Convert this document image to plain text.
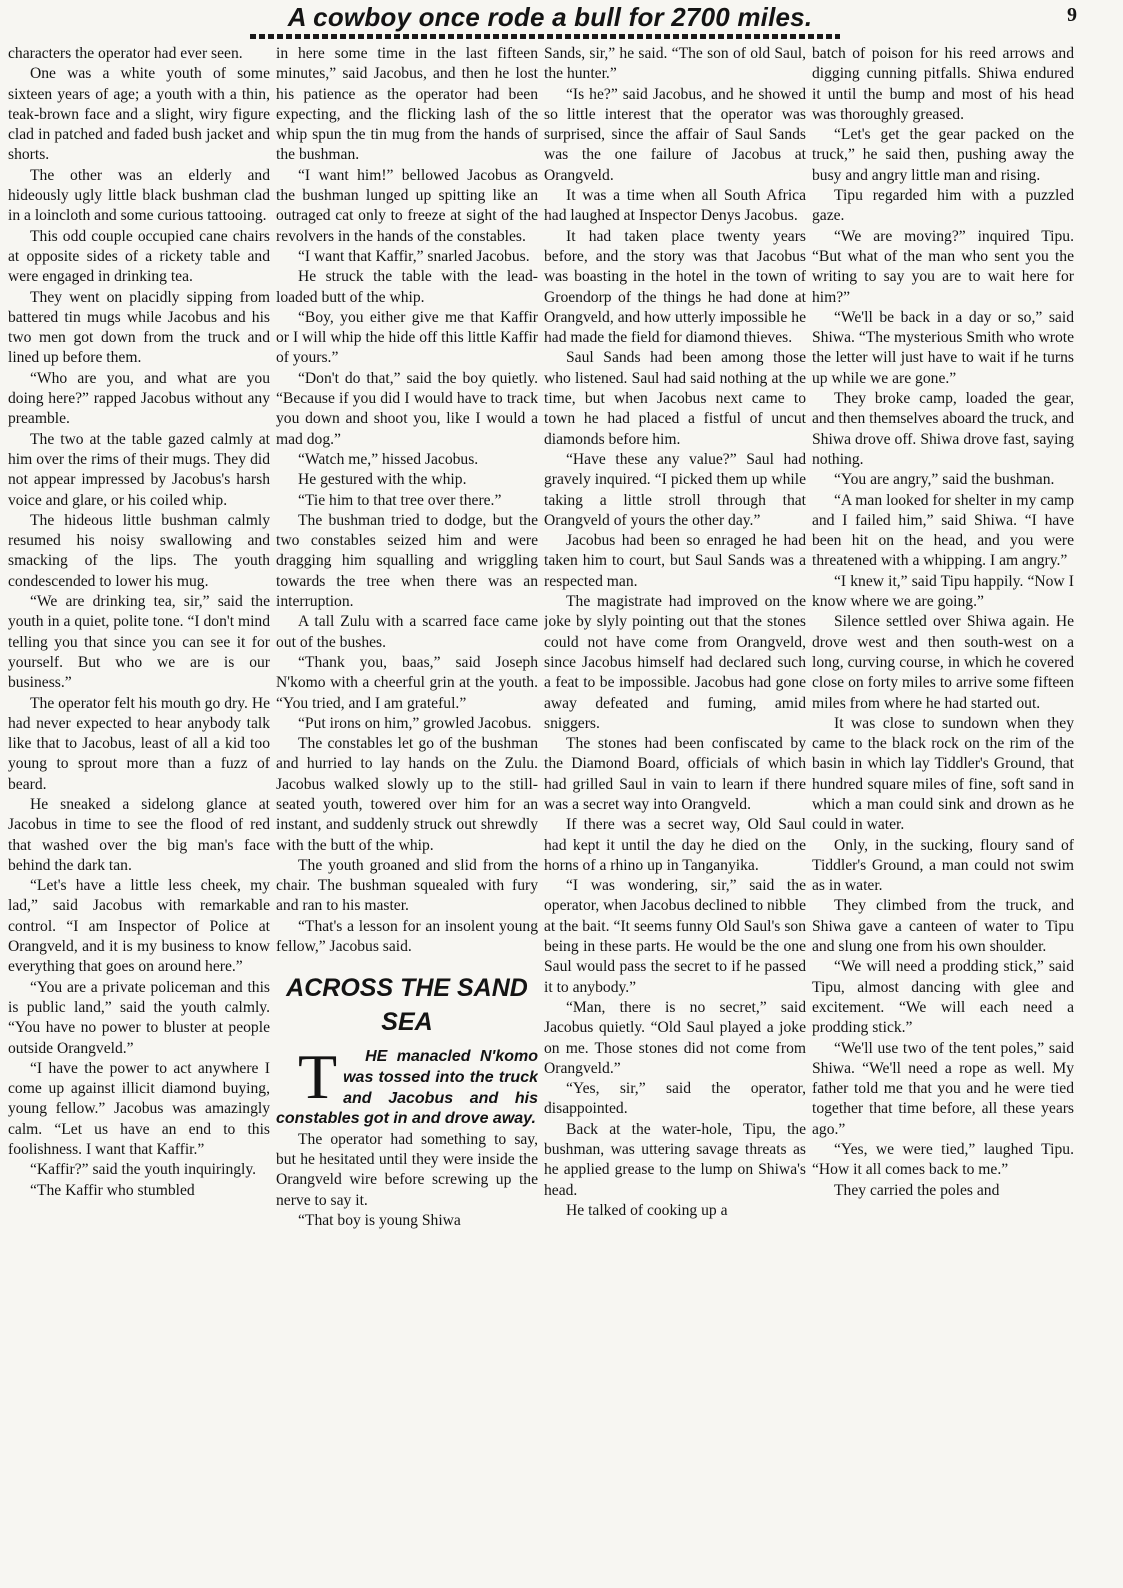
A cowboy once rode a bull for 2700 miles.	9

characters the operator had ever seen.

One was a white youth of some sixteen years of age; a youth with a thin, teak-brown face and a slight, wiry figure clad in patched and faded bush jacket and shorts.

The other was an elderly and hideously ugly little black bushman clad in a loincloth and some curious tattooing.

This odd couple occupied cane chairs at opposite sides of a rickety table and were engaged in drinking tea.

They went on placidly sipping from battered tin mugs while Jacobus and his two men got down from the truck and lined up before them.

“Who are you, and what are you doing here?” rapped Jacobus without any preamble.

The two at the table gazed calmly at him over the rims of their mugs. They did not appear impressed by Jacobus's harsh voice and glare, or his coiled whip.

The hideous little bushman calmly resumed his noisy swallowing and smacking of the lips. The youth condescended to lower his mug.

“We are drinking tea, sir,” said the youth in a quiet, polite tone. “I don't mind telling you that since you can see it for yourself. But who we are is our business.”

The operator felt his mouth go dry. He had never expected to hear anybody talk like that to Jacobus, least of all a kid too young to sprout more than a fuzz of beard.

He sneaked a sidelong glance at Jacobus in time to see the flood of red that washed over the big man's face behind the dark tan.

“Let's have a little less cheek, my lad,” said Jacobus with remarkable control. “I am Inspector of Police at Orangveld, and it is my business to know everything that goes on around here.”

“You are a private policeman and this is public land,” said the youth calmly. “You have no power to bluster at people outside Orangveld.”

“I have the power to act anywhere I come up against illicit diamond buying, young fellow.” Jacobus was amazingly calm. “Let us have an end to this foolishness. I want that Kaffir.”

“Kaffir?” said the youth inquiringly.

“The Kaffir who stumbled

in here some time in the last fifteen minutes,” said Jacobus, and then he lost his patience as the operator had been expecting, and the flicking lash of the whip spun the tin mug from the hands of the bushman.

“I want him!” bellowed Jacobus as the bushman lunged up spitting like an outraged cat only to freeze at sight of the revolvers in the hands of the constables.

“I want that Kaffir,” snarled Jacobus.

He struck the table with the lead-loaded butt of the whip.

“Boy, you either give me that Kaffir or I will whip the hide off this little Kaffir of yours.”

“Don't do that,” said the boy quietly. “Because if you did I would have to track you down and shoot you, like I would a mad dog.”

“Watch me,” hissed Jacobus.

He gestured with the whip.

“Tie him to that tree over there.”

The bushman tried to dodge, but the two constables seized him and were dragging him squalling and wriggling towards the tree when there was an interruption.

A tall Zulu with a scarred face came out of the bushes.

“Thank you, baas,” said Joseph N'komo with a cheerful grin at the youth. “You tried, and I am grateful.”

“Put irons on him,” growled Jacobus.

The constables let go of the bushman and hurried to lay hands on the Zulu. Jacobus walked slowly up to the still-seated youth, towered over him for an instant, and suddenly struck out shrewdly with the butt of the whip.

The youth groaned and slid from the chair. The bushman squealed with fury and ran to his master.

“That's a lesson for an insolent young fellow,” Jacobus said.

ACROSS THE SAND SEA

T HE manacled N'komo was tossed into the truck and Jacobus and his constables got in and drove away.

The operator had something to say, but he hesitated until they were inside the Orangveld wire before screwing up the nerve to say it.

“That boy is young Shiwa

Sands, sir,” he said. “The son of old Saul, the hunter.”

“Is he?” said Jacobus, and he showed so little interest that the operator was surprised, since the affair of Saul Sands was the one failure of Jacobus at Orangveld.

It was a time when all South Africa had laughed at Inspector Denys Jacobus.

It had taken place twenty years before, and the story was that Jacobus was boasting in the hotel in the town of Groendorp of the things he had done at Orangveld, and how utterly impossible he had made the field for diamond thieves.

Saul Sands had been among those who listened. Saul had said nothing at the time, but when Jacobus next came to town he had placed a fistful of uncut diamonds before him.

“Have these any value?” Saul had gravely inquired. “I picked them up while taking a little stroll through that Orangveld of yours the other day.”

Jacobus had been so enraged he had taken him to court, but Saul Sands was a respected man.

The magistrate had improved on the joke by slyly pointing out that the stones could not have come from Orangveld, since Jacobus himself had declared such a feat to be impossible. Jacobus had gone away defeated and fuming, amid sniggers.

The stones had been confiscated by the Diamond Board, officials of which had grilled Saul in vain to learn if there was a secret way into Orangveld.

If there was a secret way, Old Saul had kept it until the day he died on the horns of a rhino up in Tanganyika.

“I was wondering, sir,” said the operator, when Jacobus declined to nibble at the bait. “It seems funny Old Saul's son being in these parts. He would be the one Saul would pass the secret to if he passed it to anybody.”

“Man, there is no secret,” said Jacobus quietly. “Old Saul played a joke on me. Those stones did not come from Orangveld.”

“Yes, sir,” said the operator, disappointed.

Back at the water-hole, Tipu, the bushman, was uttering savage threats as he applied grease to the lump on Shiwa's head.

He talked of cooking up a

batch of poison for his reed arrows and digging cunning pitfalls. Shiwa endured it until the bump and most of his head was thoroughly greased.

“Let's get the gear packed on the truck,” he said then, pushing away the busy and angry little man and rising.

Tipu regarded him with a puzzled gaze.

“We are moving?” inquired Tipu. “But what of the man who sent you the writing to say you are to wait here for him?”

“We'll be back in a day or so,” said Shiwa. “The mysterious Smith who wrote the letter will just have to wait if he turns up while we are gone.”

They broke camp, loaded the gear, and then themselves aboard the truck, and Shiwa drove off. Shiwa drove fast, saying nothing.

“You are angry,” said the bushman.

“A man looked for shelter in my camp and I failed him,” said Shiwa. “I have been hit on the head, and you were threatened with a whipping. I am angry.”

“I knew it,” said Tipu happily. “Now I know where we are going.”

Silence settled over Shiwa again. He drove west and then south-west on a long, curving course, in which he covered close on forty miles to arrive some fifteen miles from where he had started out.

It was close to sundown when they came to the black rock on the rim of the basin in which lay Tiddler's Ground, that hundred square miles of fine, soft sand in which a man could sink and drown as he could in water.

Only, in the sucking, floury sand of Tiddler's Ground, a man could not swim as in water.

They climbed from the truck, and Shiwa gave a canteen of water to Tipu and slung one from his own shoulder.

“We will need a prodding stick,” said Tipu, almost dancing with glee and excitement. “We will each need a prodding stick.”

“We'll use two of the tent poles,” said Shiwa. “We'll need a rope as well. My father told me that you and he were tied together that time before, all these years ago.”

“Yes, we were tied,” laughed Tipu. “How it all comes back to me.”

They carried the poles and
